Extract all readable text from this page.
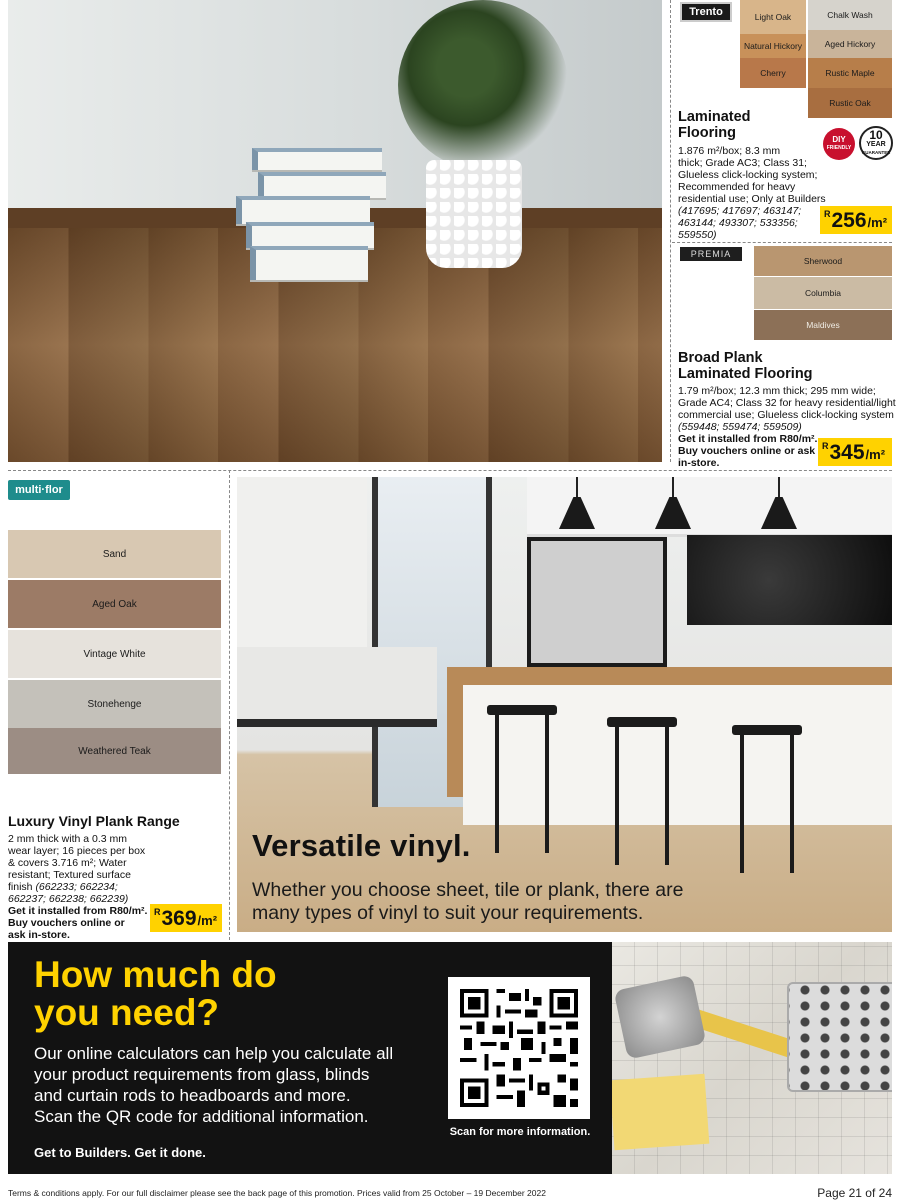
Trento	Light Oak	Chalk Wash
Natural Hickory	Aged Hickory
Cherry	Rustic Maple
Rustic Oak
Laminated
Flooring
1.876 m²/box; 8.3 mm
thick; Grade AC3; Class 31;
Glueless click-locking system;
Recommended for heavy
residential use; Only at Builders
(417695; 417697; 463147;
463144; 493307; 533356;
559550)
DIY
FRIENDLY
10
YEAR
GUARANTEE
R 256 /m²
PREMIA
Sherwood
Columbia
Maldives
Broad Plank
Laminated Flooring
1.79 m²/box; 12.3 mm thick; 295 mm wide;
Grade AC4; Class 32 for heavy residential/light
commercial use; Glueless click-locking system
(559448; 559474; 559509)
Get it installed from R80/m².
Buy vouchers online or ask
in-store.
R 345 /m²
multi·flor
Sand
Aged Oak
Vintage White
Stonehenge
Weathered Teak
Luxury Vinyl Plank Range
2 mm thick with a 0.3 mm
wear layer; 16 pieces per box
& covers 3.716 m²; Water
resistant; Textured surface
finish (662233; 662234;
662237; 662238; 662239)
Get it installed from R80/m².
Buy vouchers online or
ask in-store.
R 369 /m²
Versatile vinyl.
Whether you choose sheet, tile or plank, there are
many types of vinyl to suit your requirements.
How much do
you need?
Our online calculators can help you calculate all
your product requirements from glass, blinds
and curtain rods to headboards and more.
Scan the QR code for additional information.
Get to Builders. Get it done.
Scan for more information.
Terms & conditions apply. For our full disclaimer please see the back page of this promotion. Prices valid from 25 October – 19 December 2022	Page 21 of 24
